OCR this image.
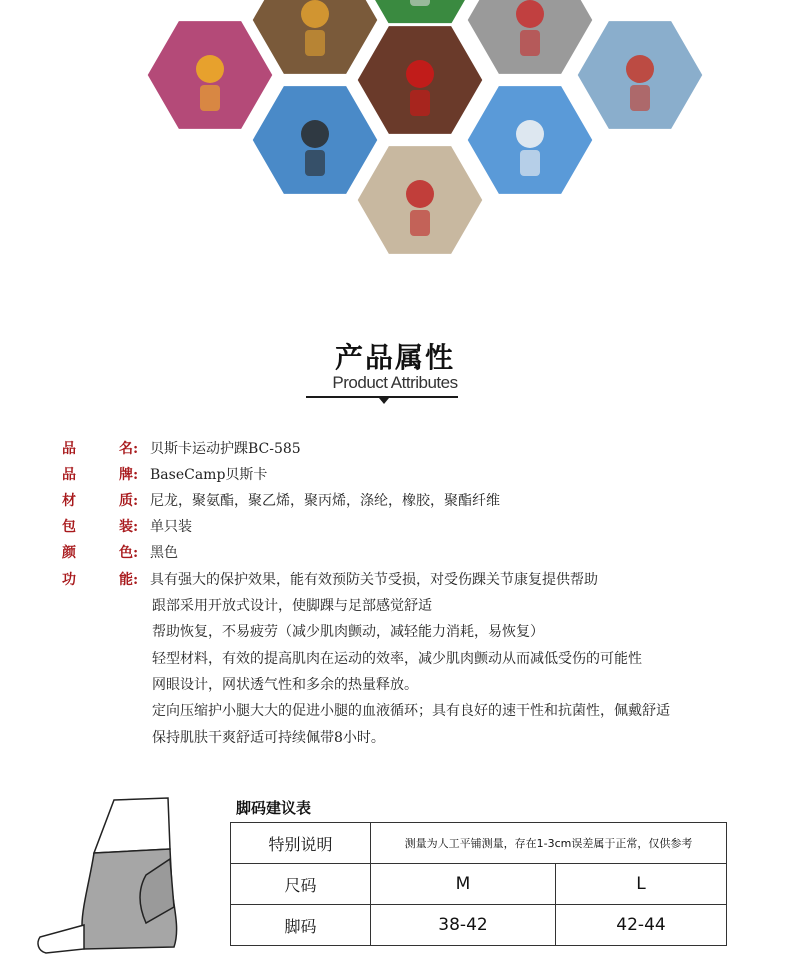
产品属性
Product Attributes
品	名: 贝斯卡运动护踝BC-585
品	牌: BaseCamp贝斯卡
材	质: 尼龙，聚氨酯，聚乙烯，聚丙烯，涤纶，橡胶，聚酯纤维
包	装: 单只装
颜	色: 黑色
功	能: 具有强大的保护效果，能有效预防关节受损，对受伤踝关节康复提供帮助
跟部采用开放式设计，使脚踝与足部感觉舒适
帮助恢复，不易疲劳（减少肌肉颤动，减轻能力消耗，易恢复）
轻型材料，有效的提高肌肉在运动的效率，减少肌肉颤动从而减低受伤的可能性
网眼设计，网状透气性和多余的热量释放。
定向压缩护小腿大大的促进小腿的血液循环；具有良好的速干性和抗菌性，佩戴舒适
保持肌肤干爽舒适可持续佩带8小时。
脚码建议表
特别说明	测量为人工平铺测量，存在1-3cm误差属于正常，仅供参考	
尺码	M	L
脚码	38-42	42-44
